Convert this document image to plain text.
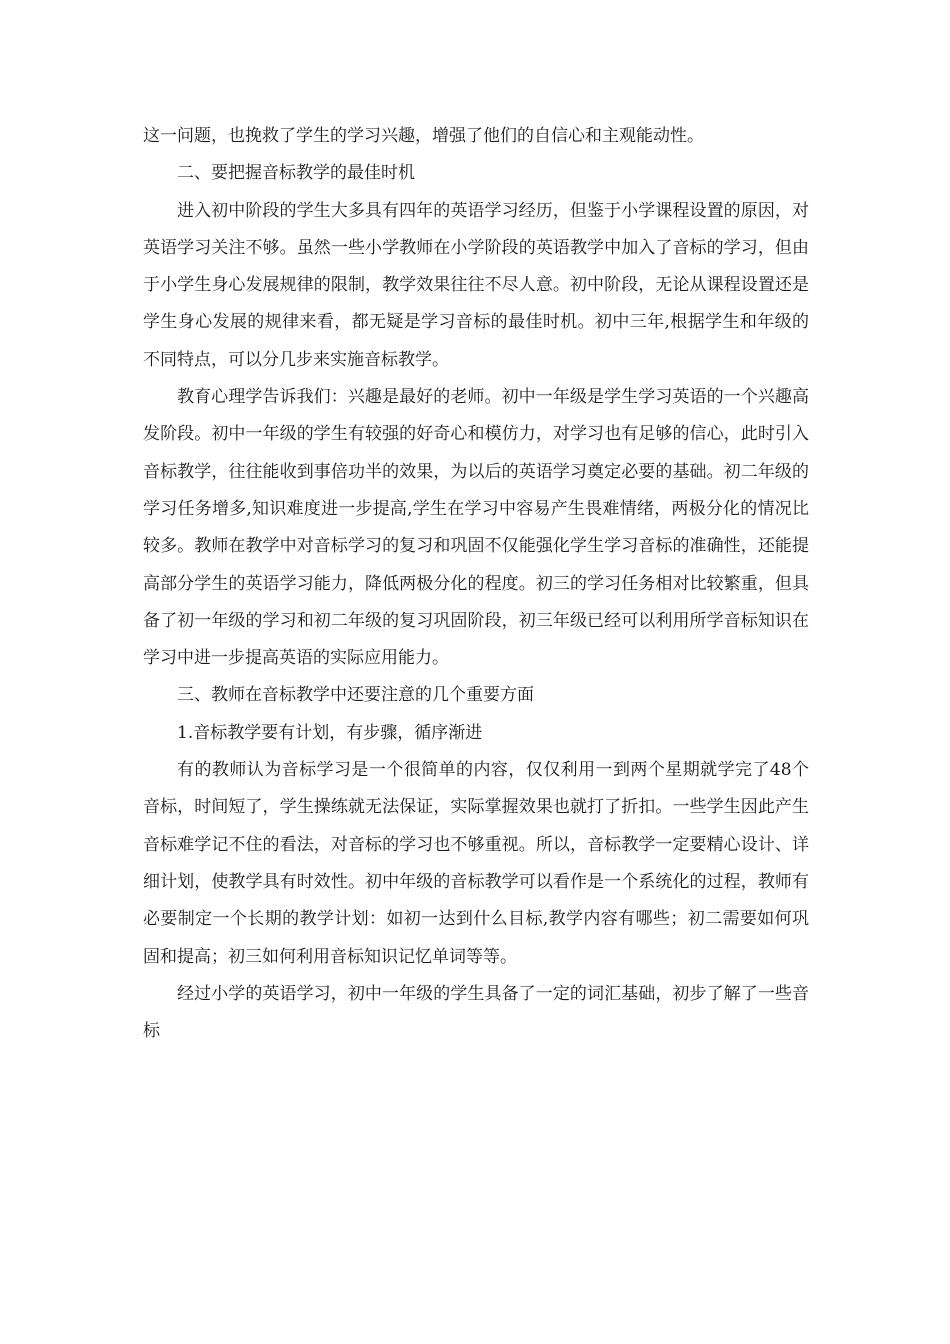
这一问题，也挽救了学生的学习兴趣，增强了他们的自信心和主观能动性。

二、要把握音标教学的最佳时机

进入初中阶段的学生大多具有四年的英语学习经历，但鉴于小学课程设置的原因，对英语学习关注不够。虽然一些小学教师在小学阶段的英语教学中加入了音标的学习，但由于小学生身心发展规律的限制，教学效果往往不尽人意。初中阶段，无论从课程设置还是学生身心发展的规律来看，都无疑是学习音标的最佳时机。初中三年,根据学生和年级的不同特点，可以分几步来实施音标教学。

教育心理学告诉我们：兴趣是最好的老师。初中一年级是学生学习英语的一个兴趣高发阶段。初中一年级的学生有较强的好奇心和模仿力，对学习也有足够的信心，此时引入音标教学，往往能收到事倍功半的效果，为以后的英语学习奠定必要的基础。初二年级的学习任务增多,知识难度进一步提高,学生在学习中容易产生畏难情绪，两极分化的情况比较多。教师在教学中对音标学习的复习和巩固不仅能强化学生学习音标的准确性，还能提高部分学生的英语学习能力，降低两极分化的程度。初三的学习任务相对比较繁重，但具备了初一年级的学习和初二年级的复习巩固阶段，初三年级已经可以利用所学音标知识在学习中进一步提高英语的实际应用能力。

三、教师在音标教学中还要注意的几个重要方面

1.音标教学要有计划，有步骤，循序渐进

有的教师认为音标学习是一个很简单的内容，仅仅利用一到两个星期就学完了48个音标，时间短了，学生操练就无法保证，实际掌握效果也就打了折扣。一些学生因此产生音标难学记不住的看法，对音标的学习也不够重视。所以，音标教学一定要精心设计、详细计划，使教学具有时效性。初中年级的音标教学可以看作是一个系统化的过程，教师有必要制定一个长期的教学计划：如初一达到什么目标,教学内容有哪些；初二需要如何巩固和提高；初三如何利用音标知识记忆单词等等。

经过小学的英语学习，初中一年级的学生具备了一定的词汇基础，初步了解了一些音标
